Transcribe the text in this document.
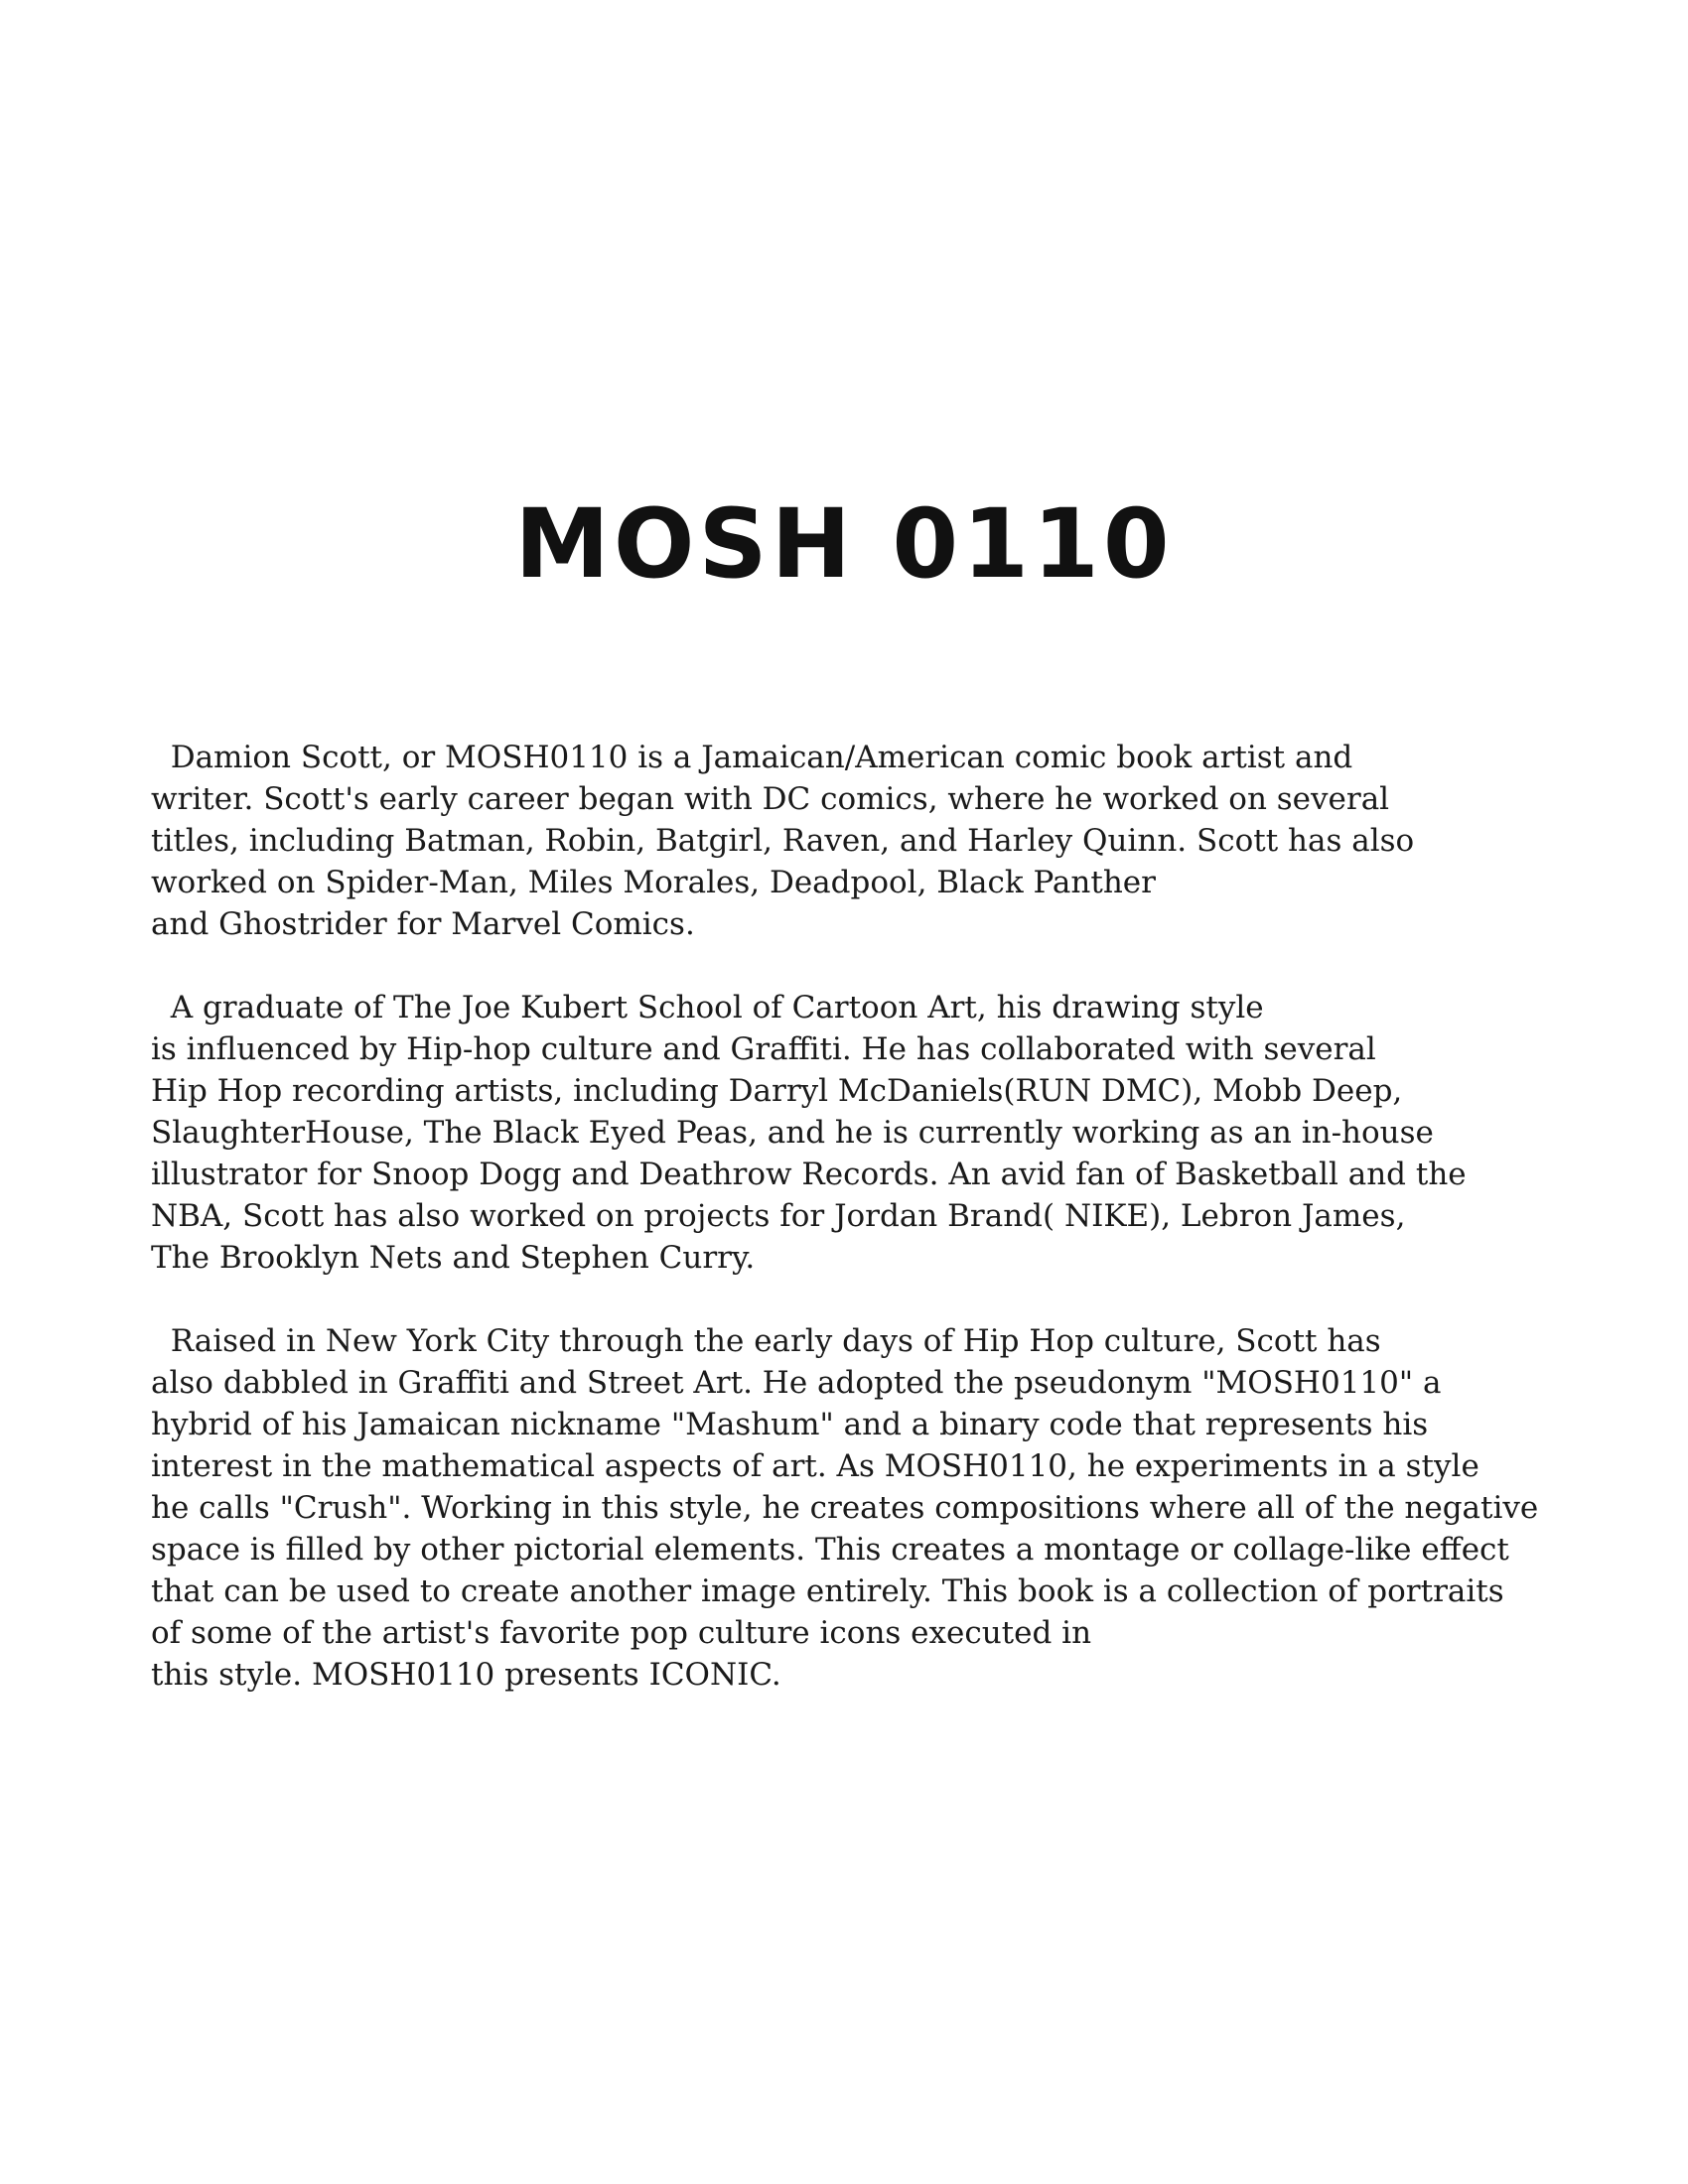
MOSH 0110

Damion Scott, or MOSH0110 is a Jamaican/American comic book artist and
writer. Scott's early career began with DC comics, where he worked on several
titles, including Batman, Robin, Batgirl, Raven, and Harley Quinn. Scott has also
worked on Spider-Man, Miles Morales, Deadpool, Black Panther
and Ghostrider for Marvel Comics.

A graduate of The Joe Kubert School of Cartoon Art, his drawing style
is influenced by Hip-hop culture and Graffiti. He has collaborated with several
Hip Hop recording artists, including Darryl McDaniels(RUN DMC), Mobb Deep,
SlaughterHouse, The Black Eyed Peas, and he is currently working as an in-house
illustrator for Snoop Dogg and Deathrow Records. An avid fan of Basketball and the
NBA, Scott has also worked on projects for Jordan Brand( NIKE), Lebron James,
The Brooklyn Nets and Stephen Curry.

Raised in New York City through the early days of Hip Hop culture, Scott has
also dabbled in Graffiti and Street Art. He adopted the pseudonym "MOSH0110" a
hybrid of his Jamaican nickname "Mashum" and a binary code that represents his
interest in the mathematical aspects of art. As MOSH0110, he experiments in a style
he calls "Crush". Working in this style, he creates compositions where all of the negative
space is filled by other pictorial elements. This creates a montage or collage-like effect
that can be used to create another image entirely. This book is a collection of portraits
of some of the artist's favorite pop culture icons executed in
this style. MOSH0110 presents ICONIC.
